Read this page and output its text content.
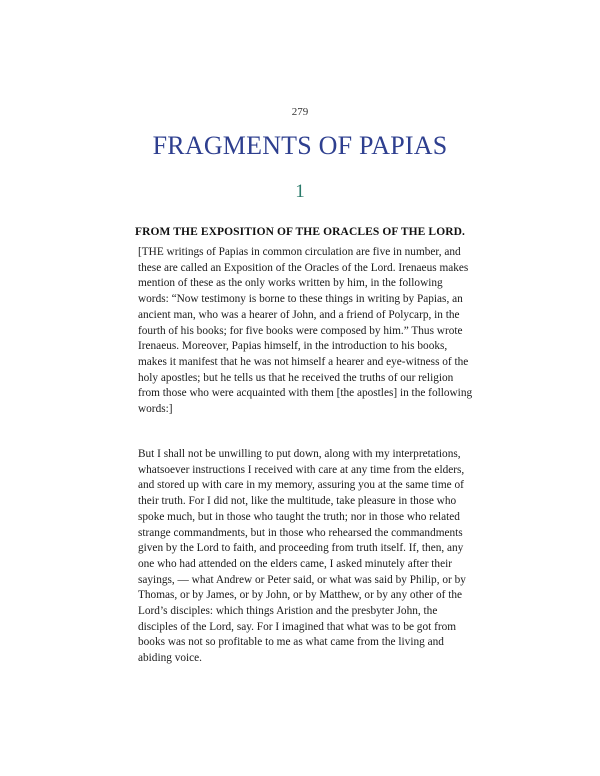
279
FRAGMENTS OF PAPIAS
1
FROM THE EXPOSITION OF THE ORACLES OF THE LORD.

[THE writings of Papias in common circulation are five in number, and these are called an Exposition of the Oracles of the Lord. Irenaeus makes mention of these as the only works written by him, in the following words: “Now testimony is borne to these things in writing by Papias, an ancient man, who was a hearer of John, and a friend of Polycarp, in the fourth of his books; for five books were composed by him.” Thus wrote Irenaeus. Moreover, Papias himself, in the introduction to his books, makes it manifest that he was not himself a hearer and eye-witness of the holy apostles; but he tells us that he received the truths of our religion from those who were acquainted with them [the apostles] in the following words:]

But I shall not be unwilling to put down, along with my interpretations, whatsoever instructions I received with care at any time from the elders, and stored up with care in my memory, assuring you at the same time of their truth. For I did not, like the multitude, take pleasure in those who spoke much, but in those who taught the truth; nor in those who related strange commandments, but in those who rehearsed the commandments given by the Lord to faith, and proceeding from truth itself. If, then, any one who had attended on the elders came, I asked minutely after their sayings, — what Andrew or Peter said, or what was said by Philip, or by Thomas, or by James, or by John, or by Matthew, or by any other of the Lord’s disciples: which things Aristion and the presbyter John, the disciples of the Lord, say. For I imagined that what was to be got from books was not so profitable to me as what came from the living and abiding voice.
